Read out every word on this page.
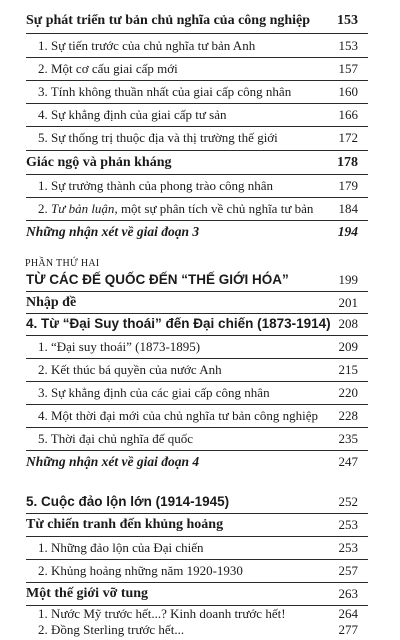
Sự phát triển tư bản chủ nghĩa của công nghiệp 153
1. Sự tiến trước của chủ nghĩa tư bản Anh	153
2. Một cơ cấu giai cấp mới	157
3. Tính không thuần nhất của giai cấp công nhân	160
4. Sự khẳng định của giai cấp tư sản	166
5. Sự thống trị thuộc địa và thị trường thế giới	172
Giác ngộ và phản kháng	178
1. Sự trưởng thành của phong trào công nhân	179
2. Tư bản luận, một sự phân tích về chủ nghĩa tư bản 184
Những nhận xét về giai đoạn 3	194
PHẦN THỨ HAI
TỪ CÁC ĐẾ QUỐC ĐẾN “THẾ GIỚI HÓA”	199
Nhập đề	201
4. Từ “Đại Suy thoái” đến Đại chiến (1873-1914) 208
1. “Đại suy thoái” (1873-1895)	209
2. Kết thúc bá quyền của nước Anh	215
3. Sự khẳng định của các giai cấp công nhân	220
4. Một thời đại mới của chủ nghĩa tư bản công nghiệp 228
5. Thời đại chủ nghĩa đế quốc	235
Những nhận xét về giai đoạn 4	247
5. Cuộc đảo lộn lớn (1914-1945)	252
Từ chiến tranh đến khủng hoảng	253
1. Những đảo lộn của Đại chiến	253
2. Khủng hoảng những năm 1920-1930	257
Một thế giới vỡ tung	263
1. Nước Mỹ trước hết...? Kinh doanh trước hết!	264
2. Đồng Sterling trước hết...	277
